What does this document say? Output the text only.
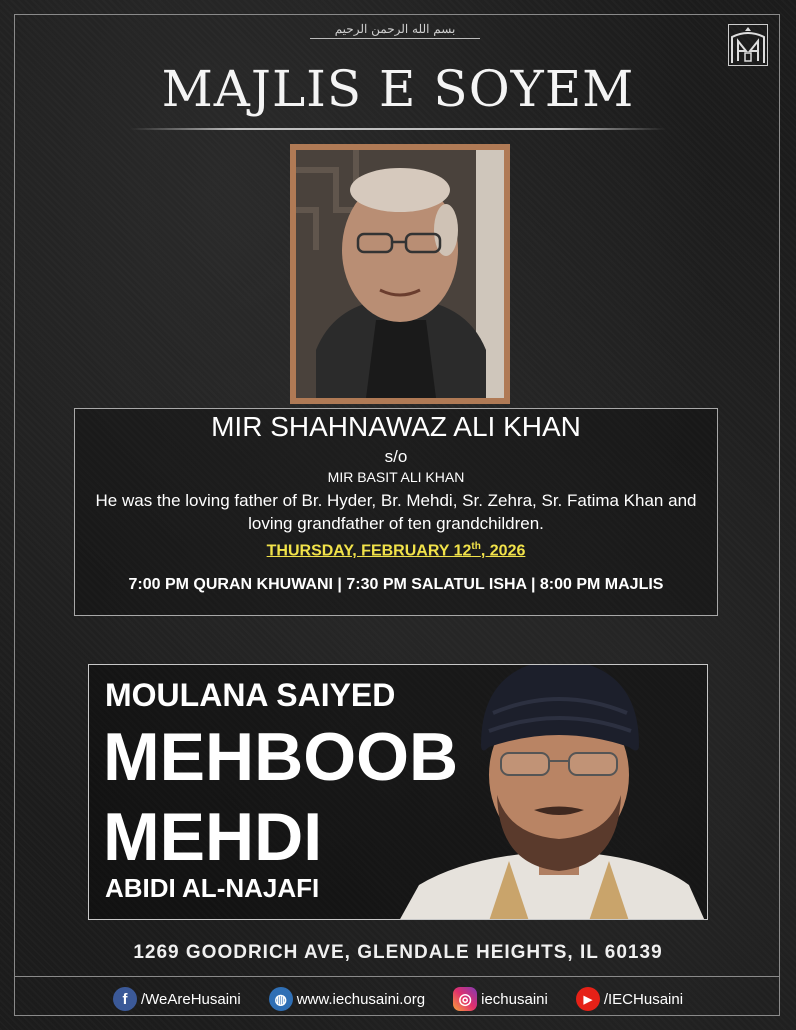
بسم الله الرحمن الرحيم
MAJLIS E SOYEM
MIR SHAHNAWAZ ALI KHAN
s/o
MIR BASIT ALI KHAN
He was the loving father of Br. Hyder, Br. Mehdi, Sr. Zehra, Sr. Fatima Khan and loving grandfather of ten grandchildren.
THURSDAY, FEBRUARY 12th, 2026
7:00 PM QURAN KHUWANI | 7:30 PM SALATUL ISHA | 8:00 PM MAJLIS
MOULANA SAIYED
MEHBOOB
MEHDI
ABIDI AL-NAJAFI
1269 GOODRICH AVE, GLENDALE HEIGHTS, IL 60139
f /WeAreHusaini	◍ www.iechusaini.org	◎ iechusaini	▶ /IECHusaini
